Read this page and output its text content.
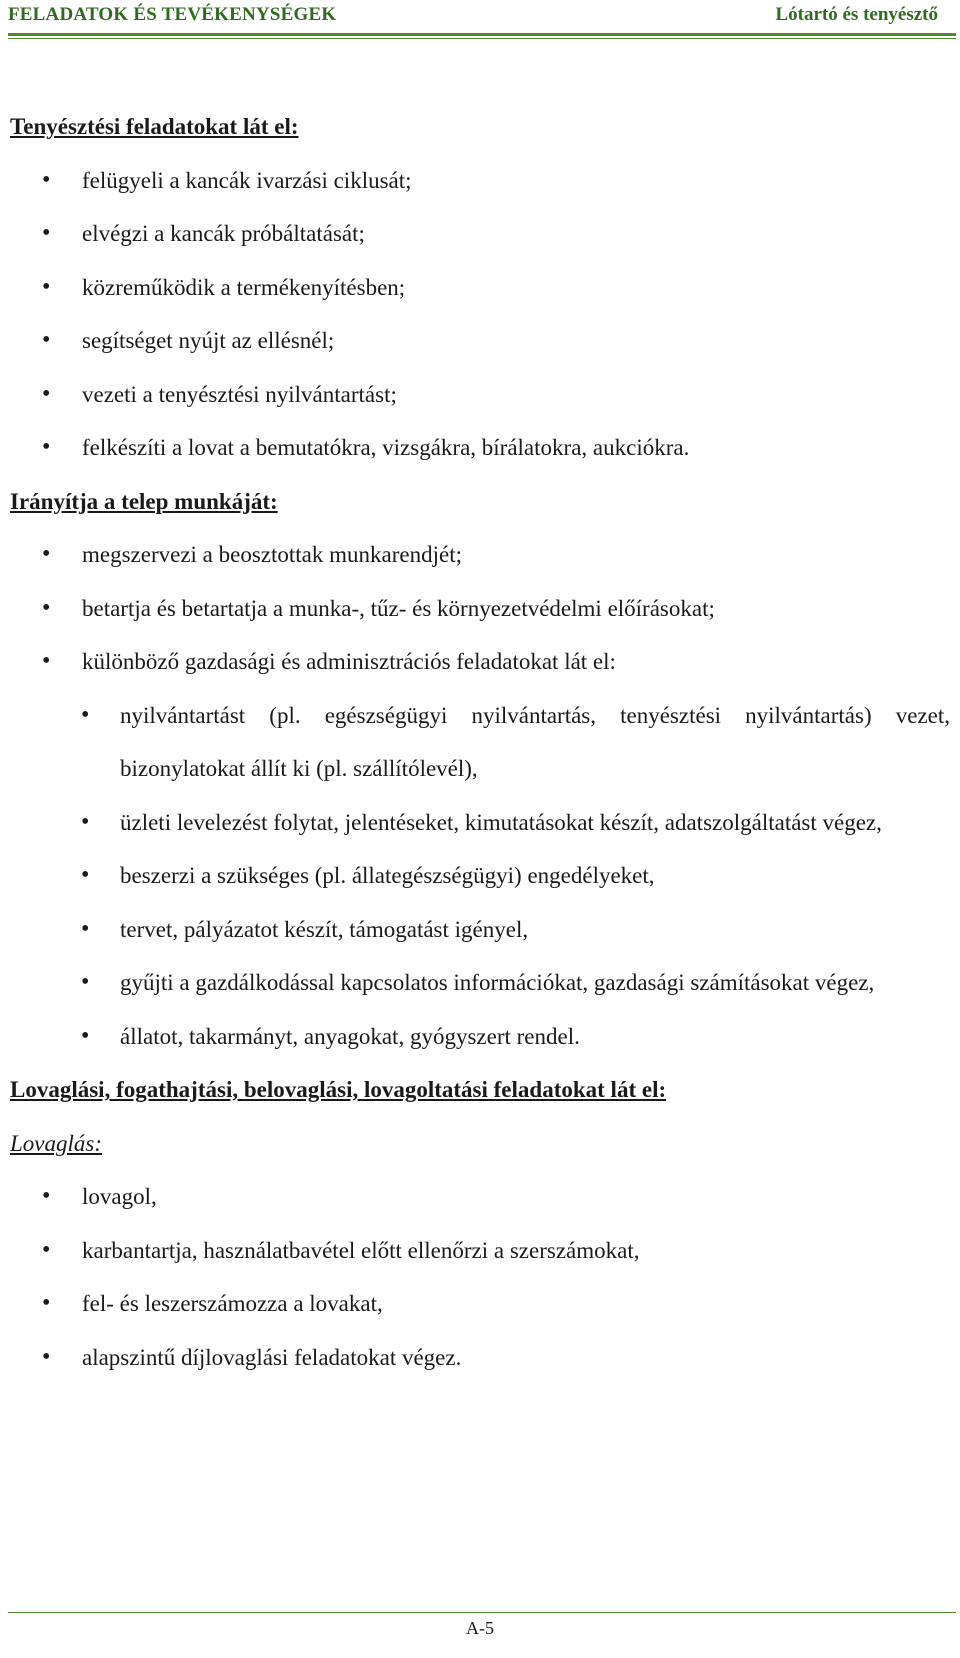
FELADATOK ÉS TEVÉKENYSÉGEK	Lótartó és tenyésztő
Tenyésztési feladatokat lát el:
• felügyeli a kancák ivarzási ciklusát;
• elvégzi a kancák próbáltatását;
• közreműködik a termékenyítésben;
• segítséget nyújt az ellésnél;
• vezeti a tenyésztési nyilvántartást;
• felkészíti a lovat a bemutatókra, vizsgákra, bírálatokra, aukciókra.
Irányítja a telep munkáját:
• megszervezi a beosztottak munkarendjét;
• betartja és betartatja a munka-, tűz- és környezetvédelmi előírásokat;
• különböző gazdasági és adminisztrációs feladatokat lát el:
• nyilvántartást (pl. egészségügyi nyilvántartás, tenyésztési nyilvántartás) vezet, bizonylatokat állít ki (pl. szállítólevél),
• üzleti levelezést folytat, jelentéseket, kimutatásokat készít, adatszolgáltatást végez,
• beszerzi a szükséges (pl. állategészségügyi) engedélyeket,
• tervet, pályázatot készít, támogatást igényel,
• gyűjti a gazdálkodással kapcsolatos információkat, gazdasági számításokat végez,
• állatot, takarmányt, anyagokat, gyógyszert rendel.
Lovaglási, fogathajtási, belovaglási, lovagoltatási feladatokat lát el:

Lovaglás:

• lovagol,
• karbantartja, használatbavétel előtt ellenőrzi a szerszámokat,
• fel- és leszerszámozza a lovakat,
• alapszintű díjlovaglási feladatokat végez.
A-5
